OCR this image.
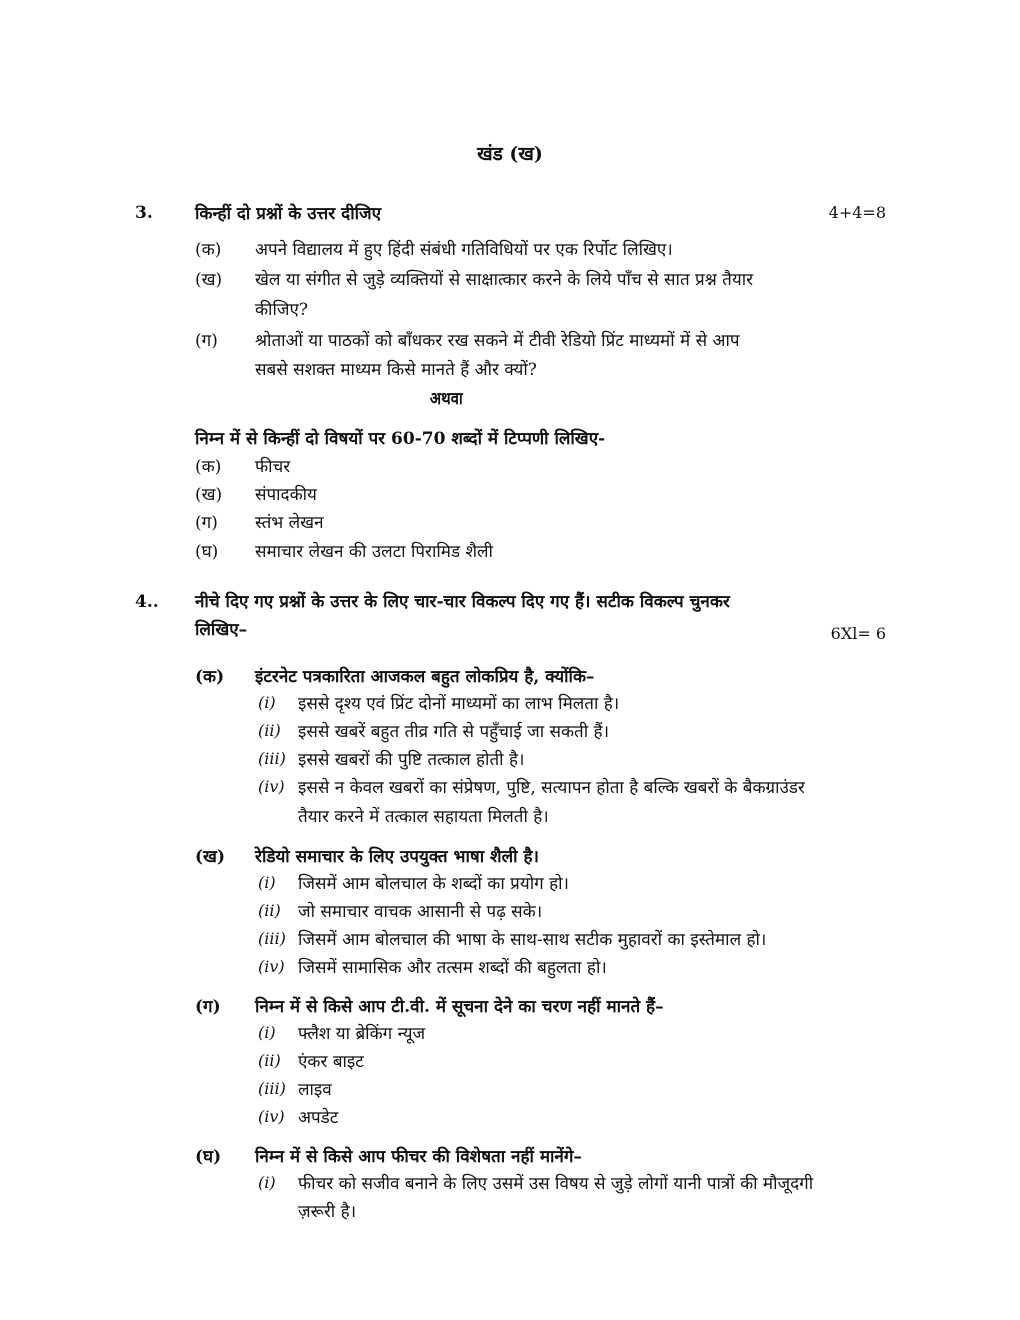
खंड (ख)
3. किन्हीं दो प्रश्नों के उत्तर दीजिए	4+4=8
(क) अपने विद्यालय में हुए हिंदी संबंधी गतिविधियों पर एक रिर्पोट लिखिए।
(ख) खेल या संगीत से जुड़े व्यक्तियों से साक्षात्कार करने के लिये पाँच से सात प्रश्न तैयार
कीजिए?
(ग) श्रोताओं या पाठकों को बाँधकर रख सकने में टीवी रेडियो प्रिंट माध्यमों में से आप
सबसे सशक्त माध्यम किसे मानते हैं और क्यों?
अथवा
निम्न में से किन्हीं दो विषयों पर 60-70 शब्दों में टिप्पणी लिखिए-
(क) फीचर
(ख) संपादकीय
(ग) स्तंभ लेखन
(घ) समाचार लेखन की उलटा पिरामिड शैली
4.. नीचे दिए गए प्रश्नों के उत्तर के लिए चार-चार विकल्प दिए गए हैं। सटीक विकल्प चुनकर
लिखिए–	6Xl= 6
(क) इंटरनेट पत्रकारिता आजकल बहुत लोकप्रिय है, क्योंकि–
(i) इससे दृश्य एवं प्रिंट दोनों माध्यमों का लाभ मिलता है।
(ii) इससे खबरें बहुत तीव्र गति से पहुँचाई जा सकती हैं।
(iii) इससे खबरों की पुष्टि तत्काल होती है।
(iv) इससे न केवल खबरों का संप्रेषण, पुष्टि, सत्यापन होता है बल्कि खबरों के बैकग्राउंडर
तैयार करने में तत्काल सहायता मिलती है।
(ख) रेडियो समाचार के लिए उपयुक्त भाषा शैली है।
(i) जिसमें आम बोलचाल के शब्दों का प्रयोग हो।
(ii) जो समाचार वाचक आसानी से पढ़ सके।
(iii) जिसमें आम बोलचाल की भाषा के साथ-साथ सटीक मुहावरों का इस्तेमाल हो।
(iv) जिसमें सामासिक और तत्सम शब्दों की बहुलता हो।
(ग) निम्न में से किसे आप टी.वी. में सूचना देने का चरण नहीं मानते हैं–
(i) फ्लैश या ब्रेकिंग न्यूज
(ii) एंकर बाइट
(iii) लाइव
(iv) अपडेट
(घ) निम्न में से किसे आप फीचर की विशेषता नहीं मानेंगे–
(i) फीचर को सजीव बनाने के लिए उसमें उस विषय से जुड़े लोगों यानी पात्रों की मौजूदगी
ज़रूरी है।
